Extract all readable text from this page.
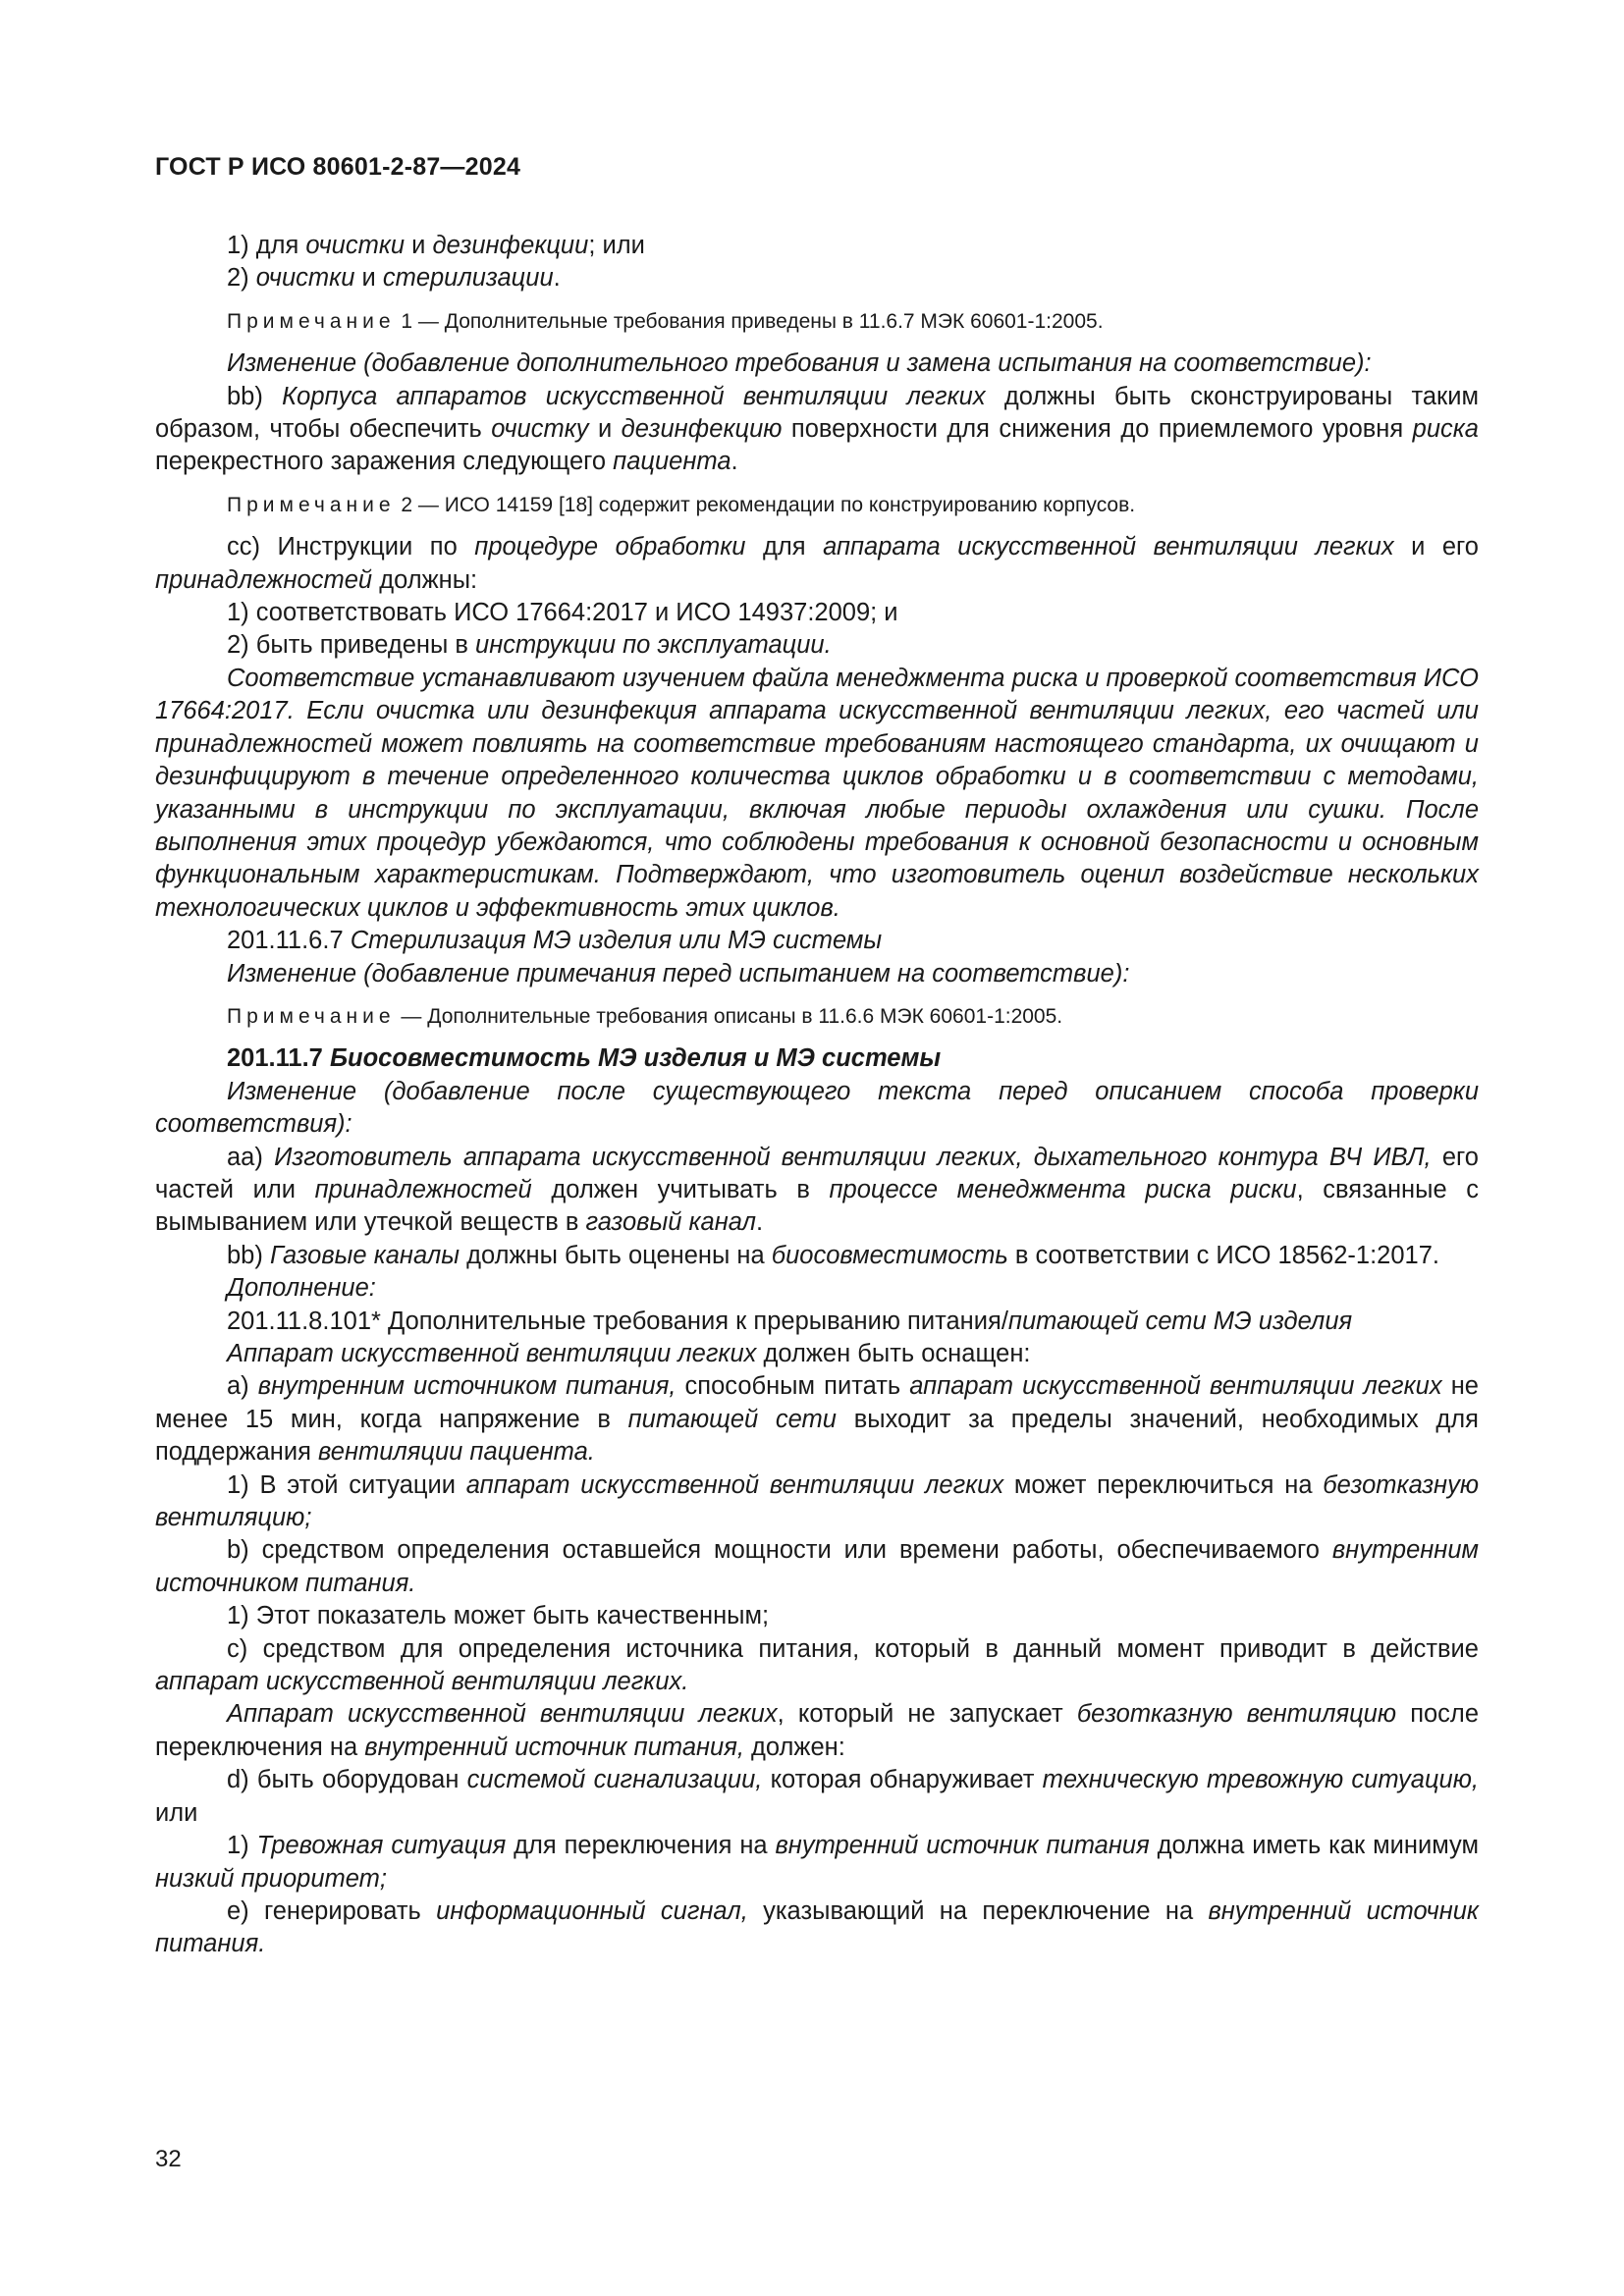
ГОСТ Р ИСО 80601-2-87—2024

1) для очистки и дезинфекции; или

2) очистки и стерилизации.

Примечание 1 — Дополнительные требования приведены в 11.6.7 МЭК 60601-1:2005.

Изменение (добавление дополнительного требования и замена испытания на соответствие):

bb) Корпуса аппаратов искусственной вентиляции легких должны быть сконструированы таким образом, чтобы обеспечить очистку и дезинфекцию поверхности для снижения до приемлемого уровня риска перекрестного заражения следующего пациента.

Примечание 2 — ИСО 14159 [18] содержит рекомендации по конструированию корпусов.

cc) Инструкции по процедуре обработки для аппарата искусственной вентиляции легких и его принадлежностей должны:

1) соответствовать ИСО 17664:2017 и ИСО 14937:2009; и

2) быть приведены в инструкции по эксплуатации.

Соответствие устанавливают изучением файла менеджмента риска и проверкой соответствия ИСО 17664:2017. Если очистка или дезинфекция аппарата искусственной вентиляции легких, его частей или принадлежностей может повлиять на соответствие требованиям настоящего стандарта, их очищают и дезинфицируют в течение определенного количества циклов обработки и в соответствии с методами, указанными в инструкции по эксплуатации, включая любые периоды охлаждения или сушки. После выполнения этих процедур убеждаются, что соблюдены требования к основной безопасности и основным функциональным характеристикам. Подтверждают, что изготовитель оценил воздействие нескольких технологических циклов и эффективность этих циклов.

201.11.6.7 Стерилизация МЭ изделия или МЭ системы

Изменение (добавление примечания перед испытанием на соответствие):

Примечание — Дополнительные требования описаны в 11.6.6 МЭК 60601-1:2005.

201.11.7 Биосовместимость МЭ изделия и МЭ системы

Изменение (добавление после существующего текста перед описанием способа проверки соответствия):

aa) Изготовитель аппарата искусственной вентиляции легких, дыхательного контура ВЧ ИВЛ, его частей или принадлежностей должен учитывать в процессе менеджмента риска риски, связанные с вымыванием или утечкой веществ в газовый канал.

bb) Газовые каналы должны быть оценены на биосовместимость в соответствии с ИСО 18562-1:2017.

Дополнение:

201.11.8.101* Дополнительные требования к прерыванию питания/питающей сети МЭ изделия

Аппарат искусственной вентиляции легких должен быть оснащен:

a) внутренним источником питания, способным питать аппарат искусственной вентиляции легких не менее 15 мин, когда напряжение в питающей сети выходит за пределы значений, необходимых для поддержания вентиляции пациента.

1) В этой ситуации аппарат искусственной вентиляции легких может переключиться на безотказную вентиляцию;

b) средством определения оставшейся мощности или времени работы, обеспечиваемого внутренним источником питания.

1) Этот показатель может быть качественным;

c) средством для определения источника питания, который в данный момент приводит в действие аппарат искусственной вентиляции легких.

Аппарат искусственной вентиляции легких, который не запускает безотказную вентиляцию после переключения на внутренний источник питания, должен:

d) быть оборудован системой сигнализации, которая обнаруживает техническую тревожную ситуацию, или

1) Тревожная ситуация для переключения на внутренний источник питания должна иметь как минимум низкий приоритет;

e) генерировать информационный сигнал, указывающий на переключение на внутренний источник питания.

32
